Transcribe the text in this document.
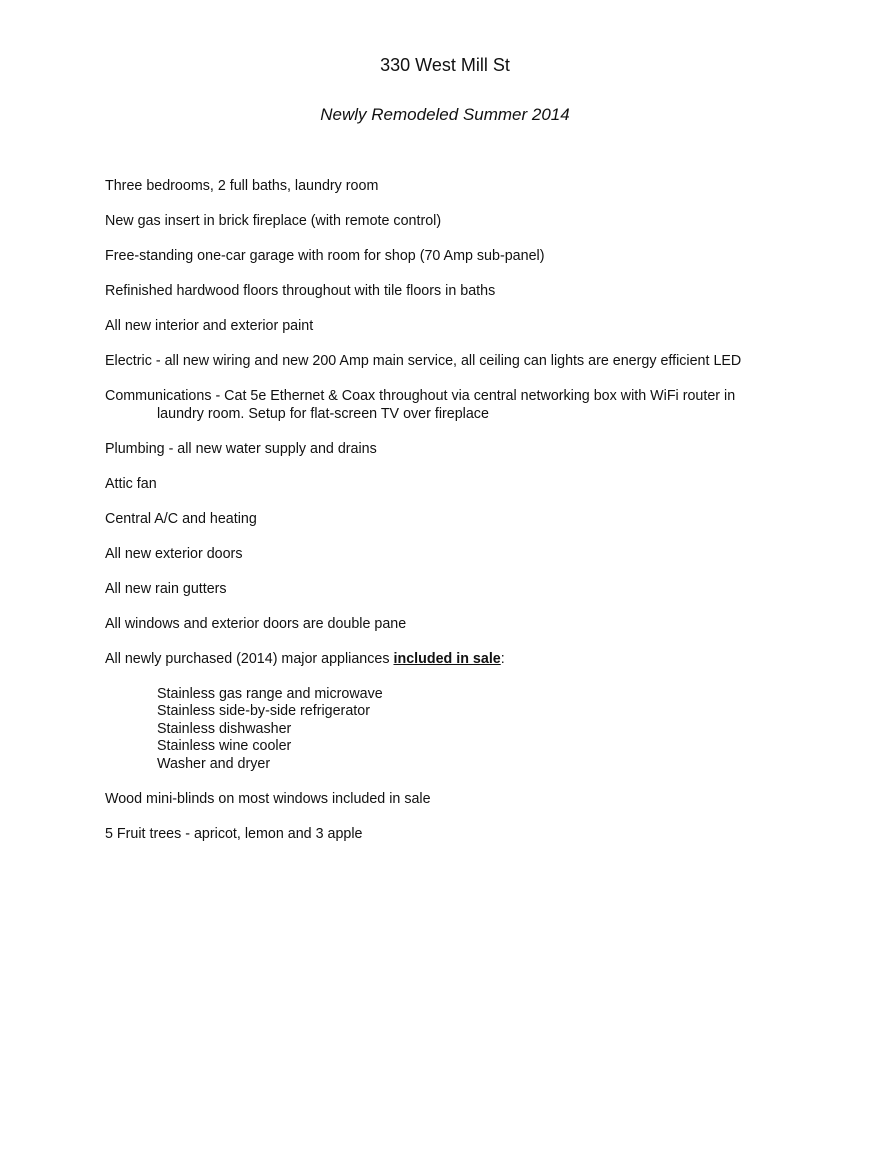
330 West Mill St
Newly Remodeled Summer 2014
Three bedrooms, 2 full baths, laundry room
New gas insert in brick fireplace (with remote control)
Free-standing one-car garage with room for shop (70 Amp sub-panel)
Refinished hardwood floors throughout with tile floors in baths
All new interior and exterior paint
Electric - all new wiring and new 200 Amp main service, all ceiling can lights are energy efficient LED
Communications - Cat 5e Ethernet & Coax throughout via central networking box with WiFi router in
laundry room. Setup for flat-screen TV over fireplace
Plumbing - all new water supply and drains
Attic fan
Central A/C and heating
All new exterior doors
All new rain gutters
All windows and exterior doors are double pane
All newly purchased (2014) major appliances included in sale:
Stainless gas range and microwave
Stainless side-by-side refrigerator
Stainless dishwasher
Stainless wine cooler
Washer and dryer
Wood mini-blinds on most windows included in sale
5 Fruit trees - apricot, lemon and 3 apple
